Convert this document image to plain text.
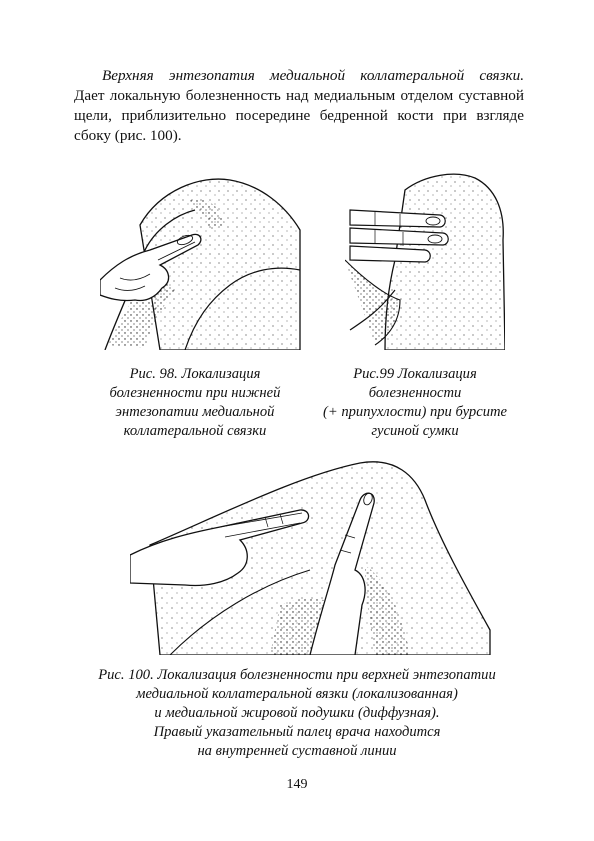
Верхняя энтезопатия медиальной коллатеральной связки.
Дает локальную болезненность над медиальным отделом суставной щели, приблизительно посередине бедренной кости при взгляде сбоку (рис. 100).
Рис. 98. Локализация
болезненности при нижней
энтезопатии медиальной
коллатеральной связки
Рис.99 Локализация
болезненности
(+ припухлости) при бурсите
гусиной сумки
Рис. 100. Локализация болезненности при верхней энтезопатии
медиальной коллатеральной вязки (локализованная)
и медиальной жировой подушки (диффузная).
Правый указательный палец врача находится
на внутренней суставной линии
149
